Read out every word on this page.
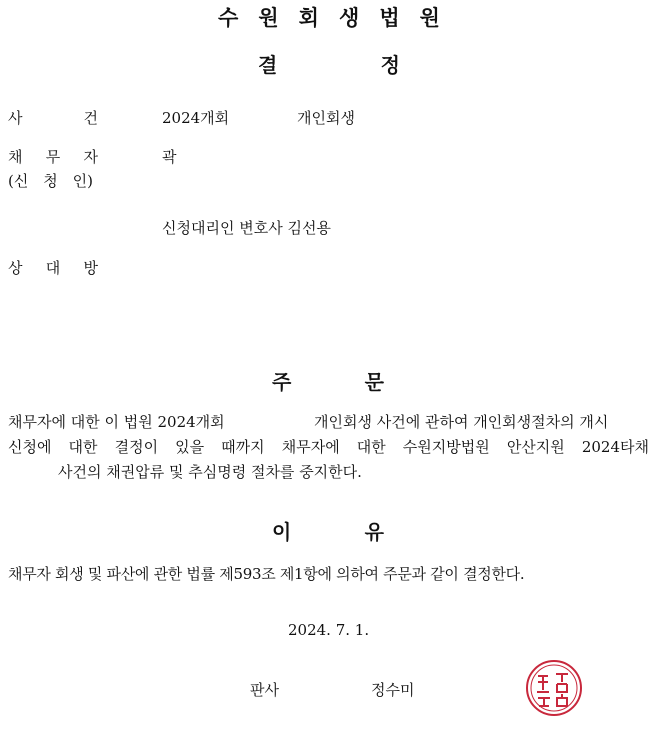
수 원 회 생 법 원
결	정
사	건	2024개회	개인회생
채 무 자	곽
(신 청 인)
신청대리인 변호사 김선용
상 대 방
주	문
채무자에 대한 이 법원 2024개회	개인회생 사건에 관하여 개인회생절차의 개시
신청에 대한 결정이 있을 때까지 채무자에 대한 수원지방법원 안산지원 2024타채
사건의 채권압류 및 추심명령 절차를 중지한다.
이	유
채무자 회생 및 파산에 관한 법률 제593조 제1항에 의하여 주문과 같이 결정한다.
2024. 7. 1.
판사	정수미
